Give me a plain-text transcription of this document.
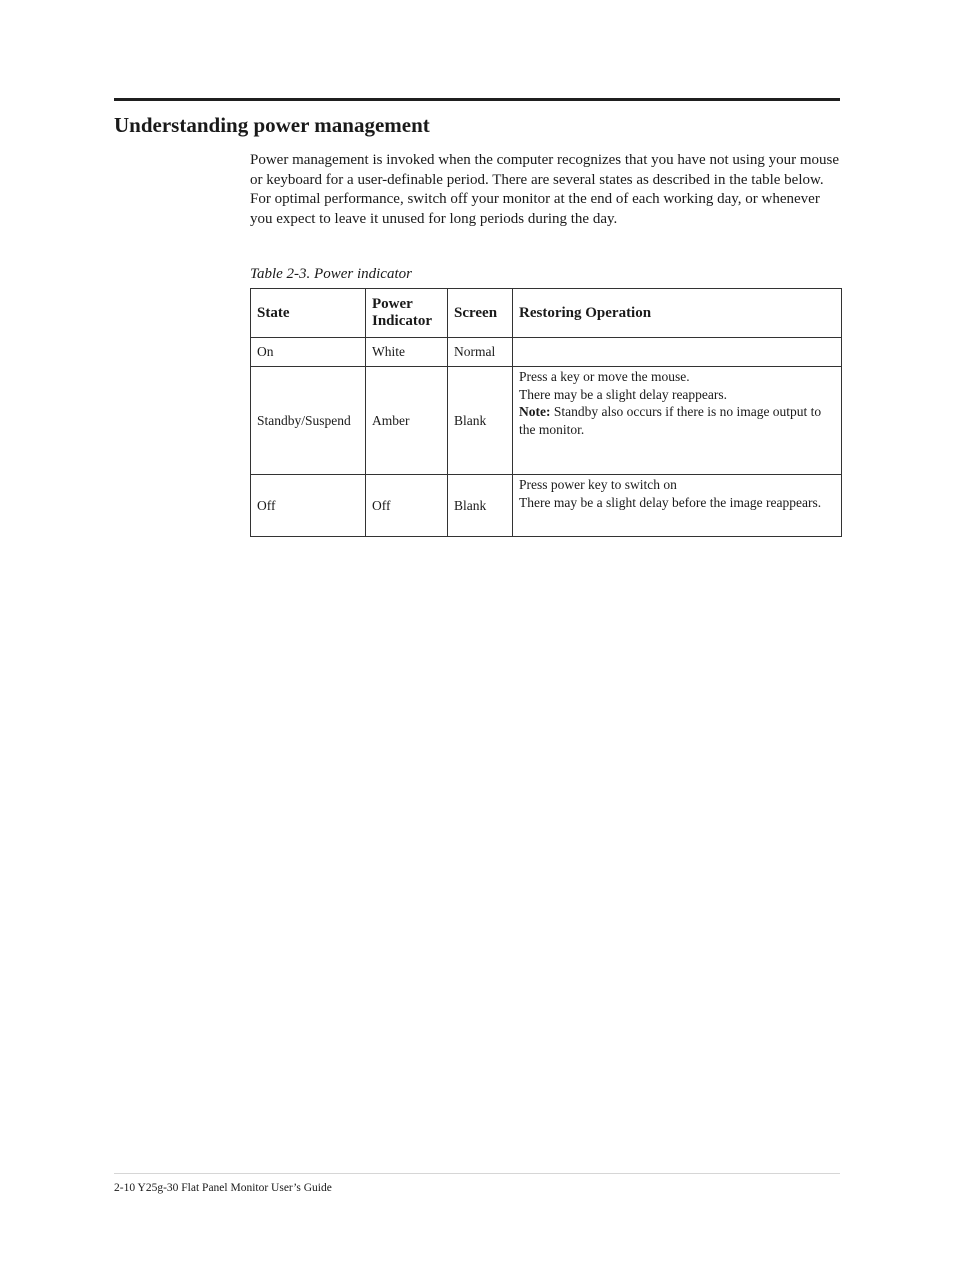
Understanding power management

Power management is invoked when the computer recognizes that you have not using your mouse or keyboard for a user-definable period. There are several states as described in the table below.

For optimal performance, switch off your monitor at the end of each working day, or whenever you expect to leave it unused for long periods during the day.

Table 2-3. Power indicator
State	Power Indicator	Screen	Restoring Operation
On	White	Normal	
Standby/Suspend	Amber	Blank	Press a key or move the mouse.
There may be a slight delay reappears.
Note: Standby also occurs if there is no image output to the monitor.

Off	Off	Blank	Press power key to switch on
There may be a slight delay before the image reappears.
2-10 Y25g-30 Flat Panel Monitor User’s Guide
